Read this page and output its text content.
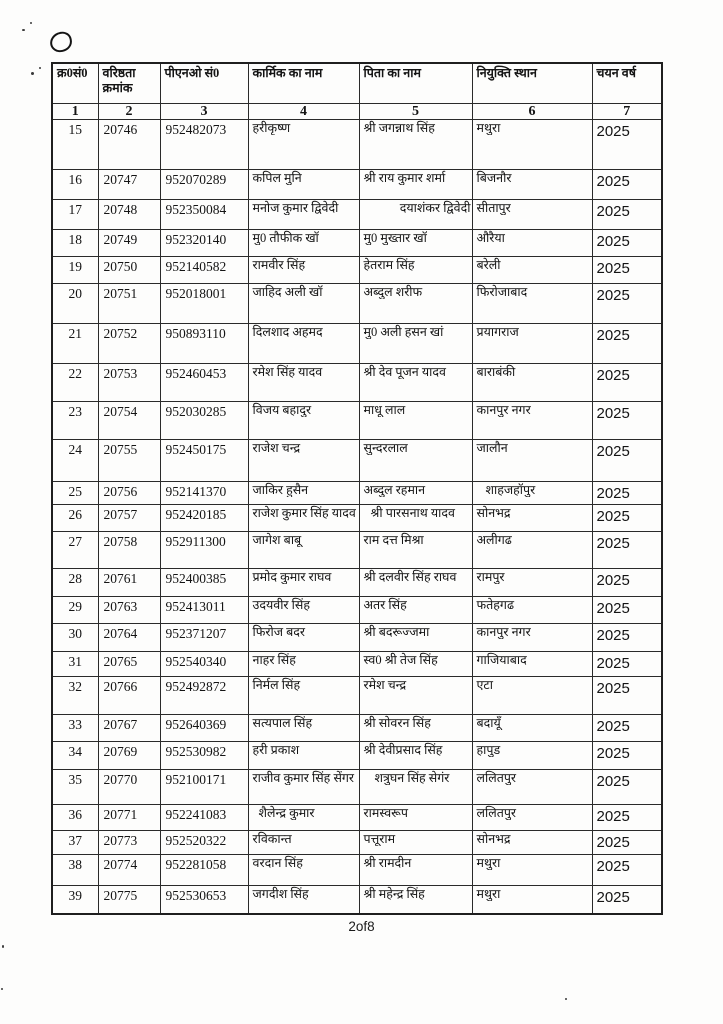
क्र0सं0	वरिष्ठता क्रमांक	पीएनओ सं0	कार्मिक का नाम	पिता का नाम	नियुक्ति स्थान	चयन वर्ष

1	2	3	4	5	6	7

15	20746	952482073	हरीकृष्ण	श्री जगन्नाथ सिंह	मथुरा	2025

16	20747	952070289	कपिल मुनि	श्री राय कुमार शर्मा	बिजनौर	2025

17	20748	952350084	मनोज कुमार द्विवेदी	दयाशंकर द्विवेदी	सीतापुर	2025

18	20749	952320140	मु0 तौफीक खॉ	मु0 मुख्तार खॉ	औरैया	2025

19	20750	952140582	रामवीर सिंह	हेतराम सिंह	बरेली	2025

20	20751	952018001	जाहिद अली खॉ	अब्दुल शरीफ	फिरोजाबाद	2025

21	20752	950893110	दिलशाद अहमद	मु0 अली हसन खां	प्रयागराज	2025

22	20753	952460453	रमेश सिंह यादव	श्री देव पूजन यादव	बाराबंकी	2025

23	20754	952030285	विजय बहादुर	माधू लाल	कानपुर नगर	2025

24	20755	952450175	राजेश चन्द्र	सुन्दरलाल	जालौन	2025

25	20756	952141370	जाकिर हुसैन	अब्दुल रहमान	शाहजहॉपुर	2025

26	20757	952420185	राजेश कुमार सिंह यादव	श्री पारसनाथ यादव	सोनभद्र	2025

27	20758	952911300	जागेश बाबू	राम दत्त मिश्रा	अलीगढ	2025

28	20761	952400385	प्रमोद कुमार राघव	श्री दलवीर सिंह राघव	रामपुर	2025

29	20763	952413011	उदयवीर सिंह	अतर सिंह	फतेहगढ	2025

30	20764	952371207	फिरोज बदर	श्री बदरूज्जमा	कानपुर नगर	2025

31	20765	952540340	नाहर सिंह	स्व0 श्री तेज सिंह	गाजियाबाद	2025

32	20766	952492872	निर्मल सिंह	रमेश चन्द्र	एटा	2025

33	20767	952640369	सत्यपाल सिंह	श्री सोवरन सिंह	बदायूँ	2025

34	20769	952530982	हरी प्रकाश	श्री देवीप्रसाद सिंह	हापुड	2025

35	20770	952100171	राजीव कुमार सिंह सेंगर	शत्रुघन सिंह सेगंर	ललितपुर	2025

36	20771	952241083	शैलेन्द्र कुमार	रामस्वरूप	ललितपुर	2025

37	20773	952520322	रविकान्त	पत्तूराम	सोनभद्र	2025

38	20774	952281058	वरदान सिंह	श्री रामदीन	मथुरा	2025

39	20775	952530653	जगदीश सिंह	श्री महेन्द्र सिंह	मथुरा	2025
2of8
